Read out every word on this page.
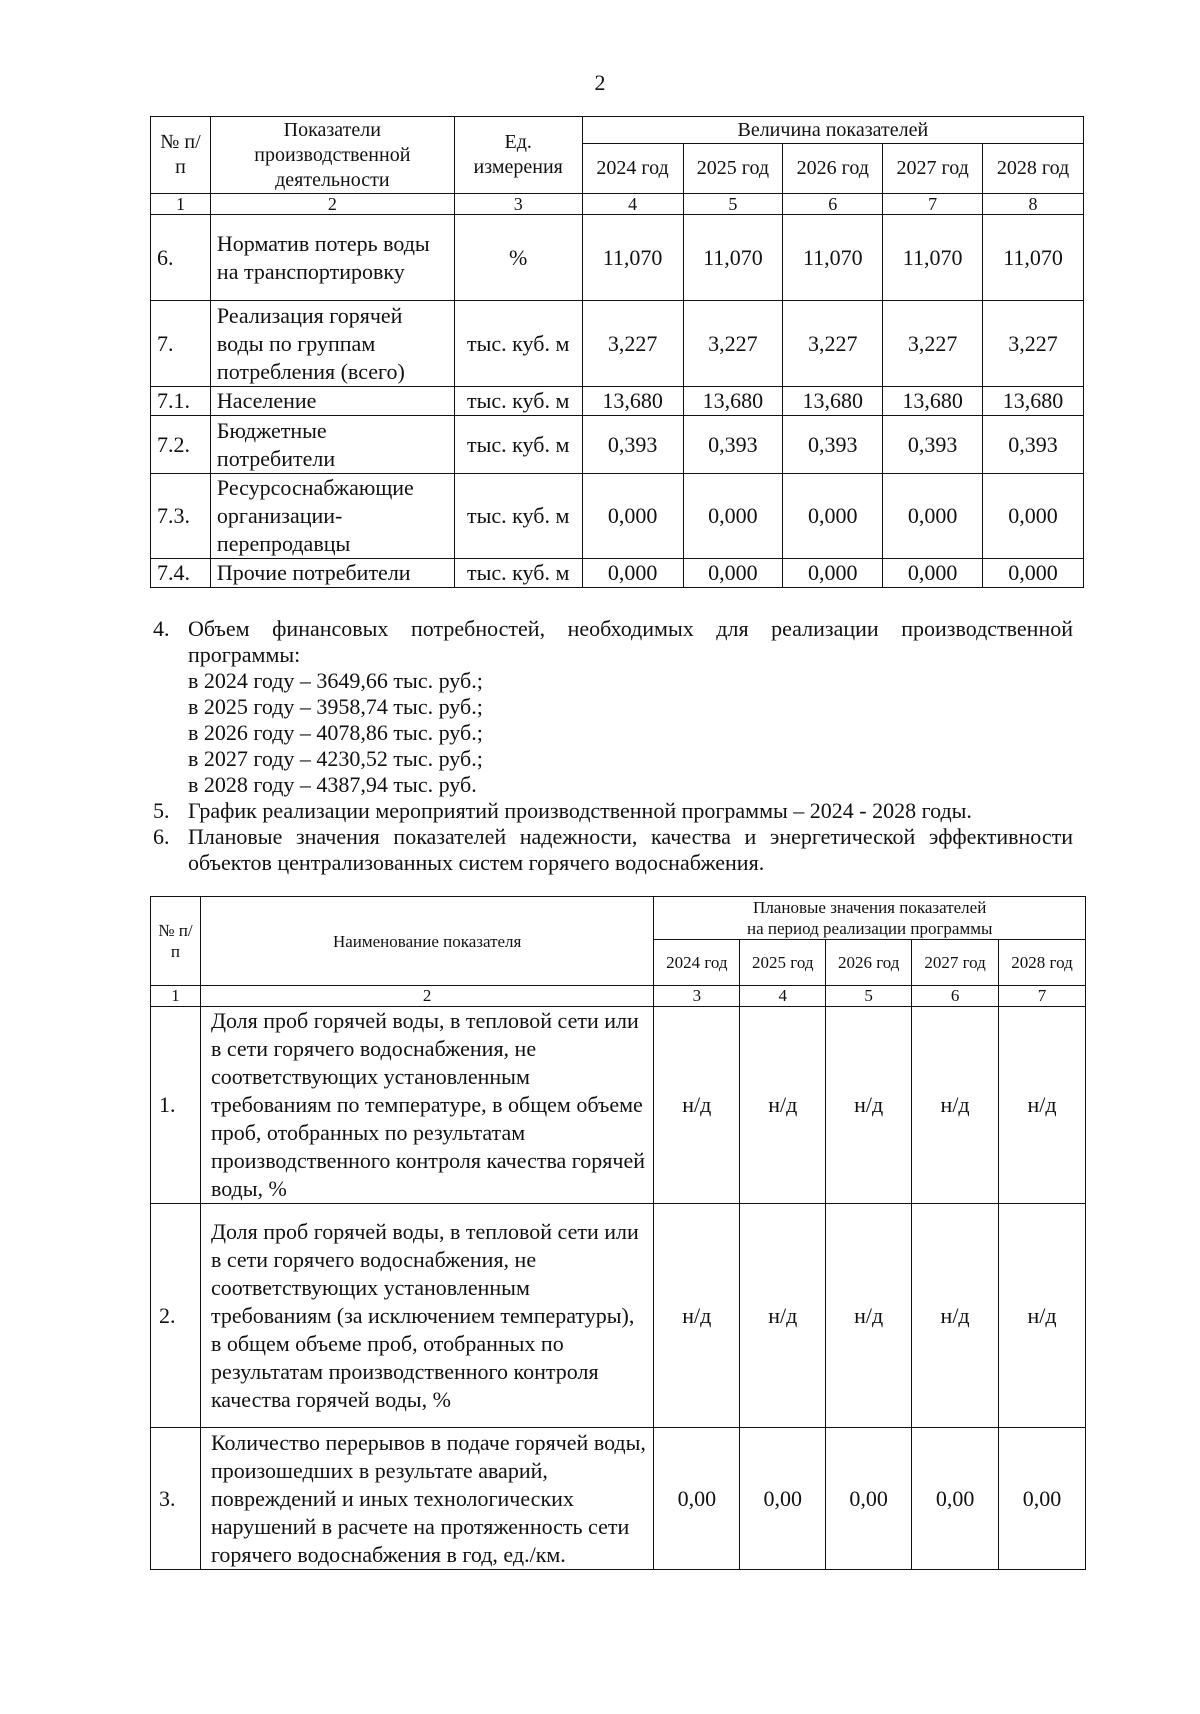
2
№ п/п	Показатели производственной деятельности	Ед. измерения	Величина показателей				
			2024 год	2025 год	2026 год	2027 год	2028 год
1	2	3	4	5	6	7	8
6.	Норматив потерь воды на транспортировку	%	11,070	11,070	11,070	11,070	11,070
7.	Реализация горячей воды по группам потребления (всего)	тыс. куб. м	3,227	3,227	3,227	3,227	3,227
7.1.	Население	тыс. куб. м	13,680	13,680	13,680	13,680	13,680
7.2.	Бюджетные потребители	тыс. куб. м	0,393	0,393	0,393	0,393	0,393
7.3.	Ресурсоснабжающие организации-перепродавцы	тыс. куб. м	0,000	0,000	0,000	0,000	0,000
7.4.	Прочие потребители	тыс. куб. м	0,000	0,000	0,000	0,000	0,000
4. Объем финансовых потребностей, необходимых для реализации производственной программы:
в 2024 году – 3649,66 тыс. руб.;
в 2025 году – 3958,74 тыс. руб.;
в 2026 году – 4078,86 тыс. руб.;
в 2027 году – 4230,52 тыс. руб.;
в 2028 году – 4387,94 тыс. руб.
5. График реализации мероприятий производственной программы – 2024 - 2028 годы.
6. Плановые значения показателей надежности, качества и энергетической эффективности объектов централизованных систем горячего водоснабжения.
№ п/п	Наименование показателя	Плановые значения показателей
на период реализации программы				
		2024 год	2025 год	2026 год	2027 год	2028 год
1	2	3	4	5	6	7
1.	Доля проб горячей воды, в тепловой сети или в сети горячего водоснабжения, не соответствующих установленным требованиям по температуре, в общем объеме проб, отобранных по результатам производственного контроля качества горячей воды, %	н/д	н/д	н/д	н/д	н/д
2.	Доля проб горячей воды, в тепловой сети или в сети горячего водоснабжения, не соответствующих установленным требованиям (за исключением температуры), в общем объеме проб, отобранных по результатам производственного контроля качества горячей воды, %	н/д	н/д	н/д	н/д	н/д
3.	Количество перерывов в подаче горячей воды, произошедших в результате аварий, повреждений и иных технологических нарушений в расчете на протяженность сети горячего водоснабжения в год, ед./км.	0,00	0,00	0,00	0,00	0,00
